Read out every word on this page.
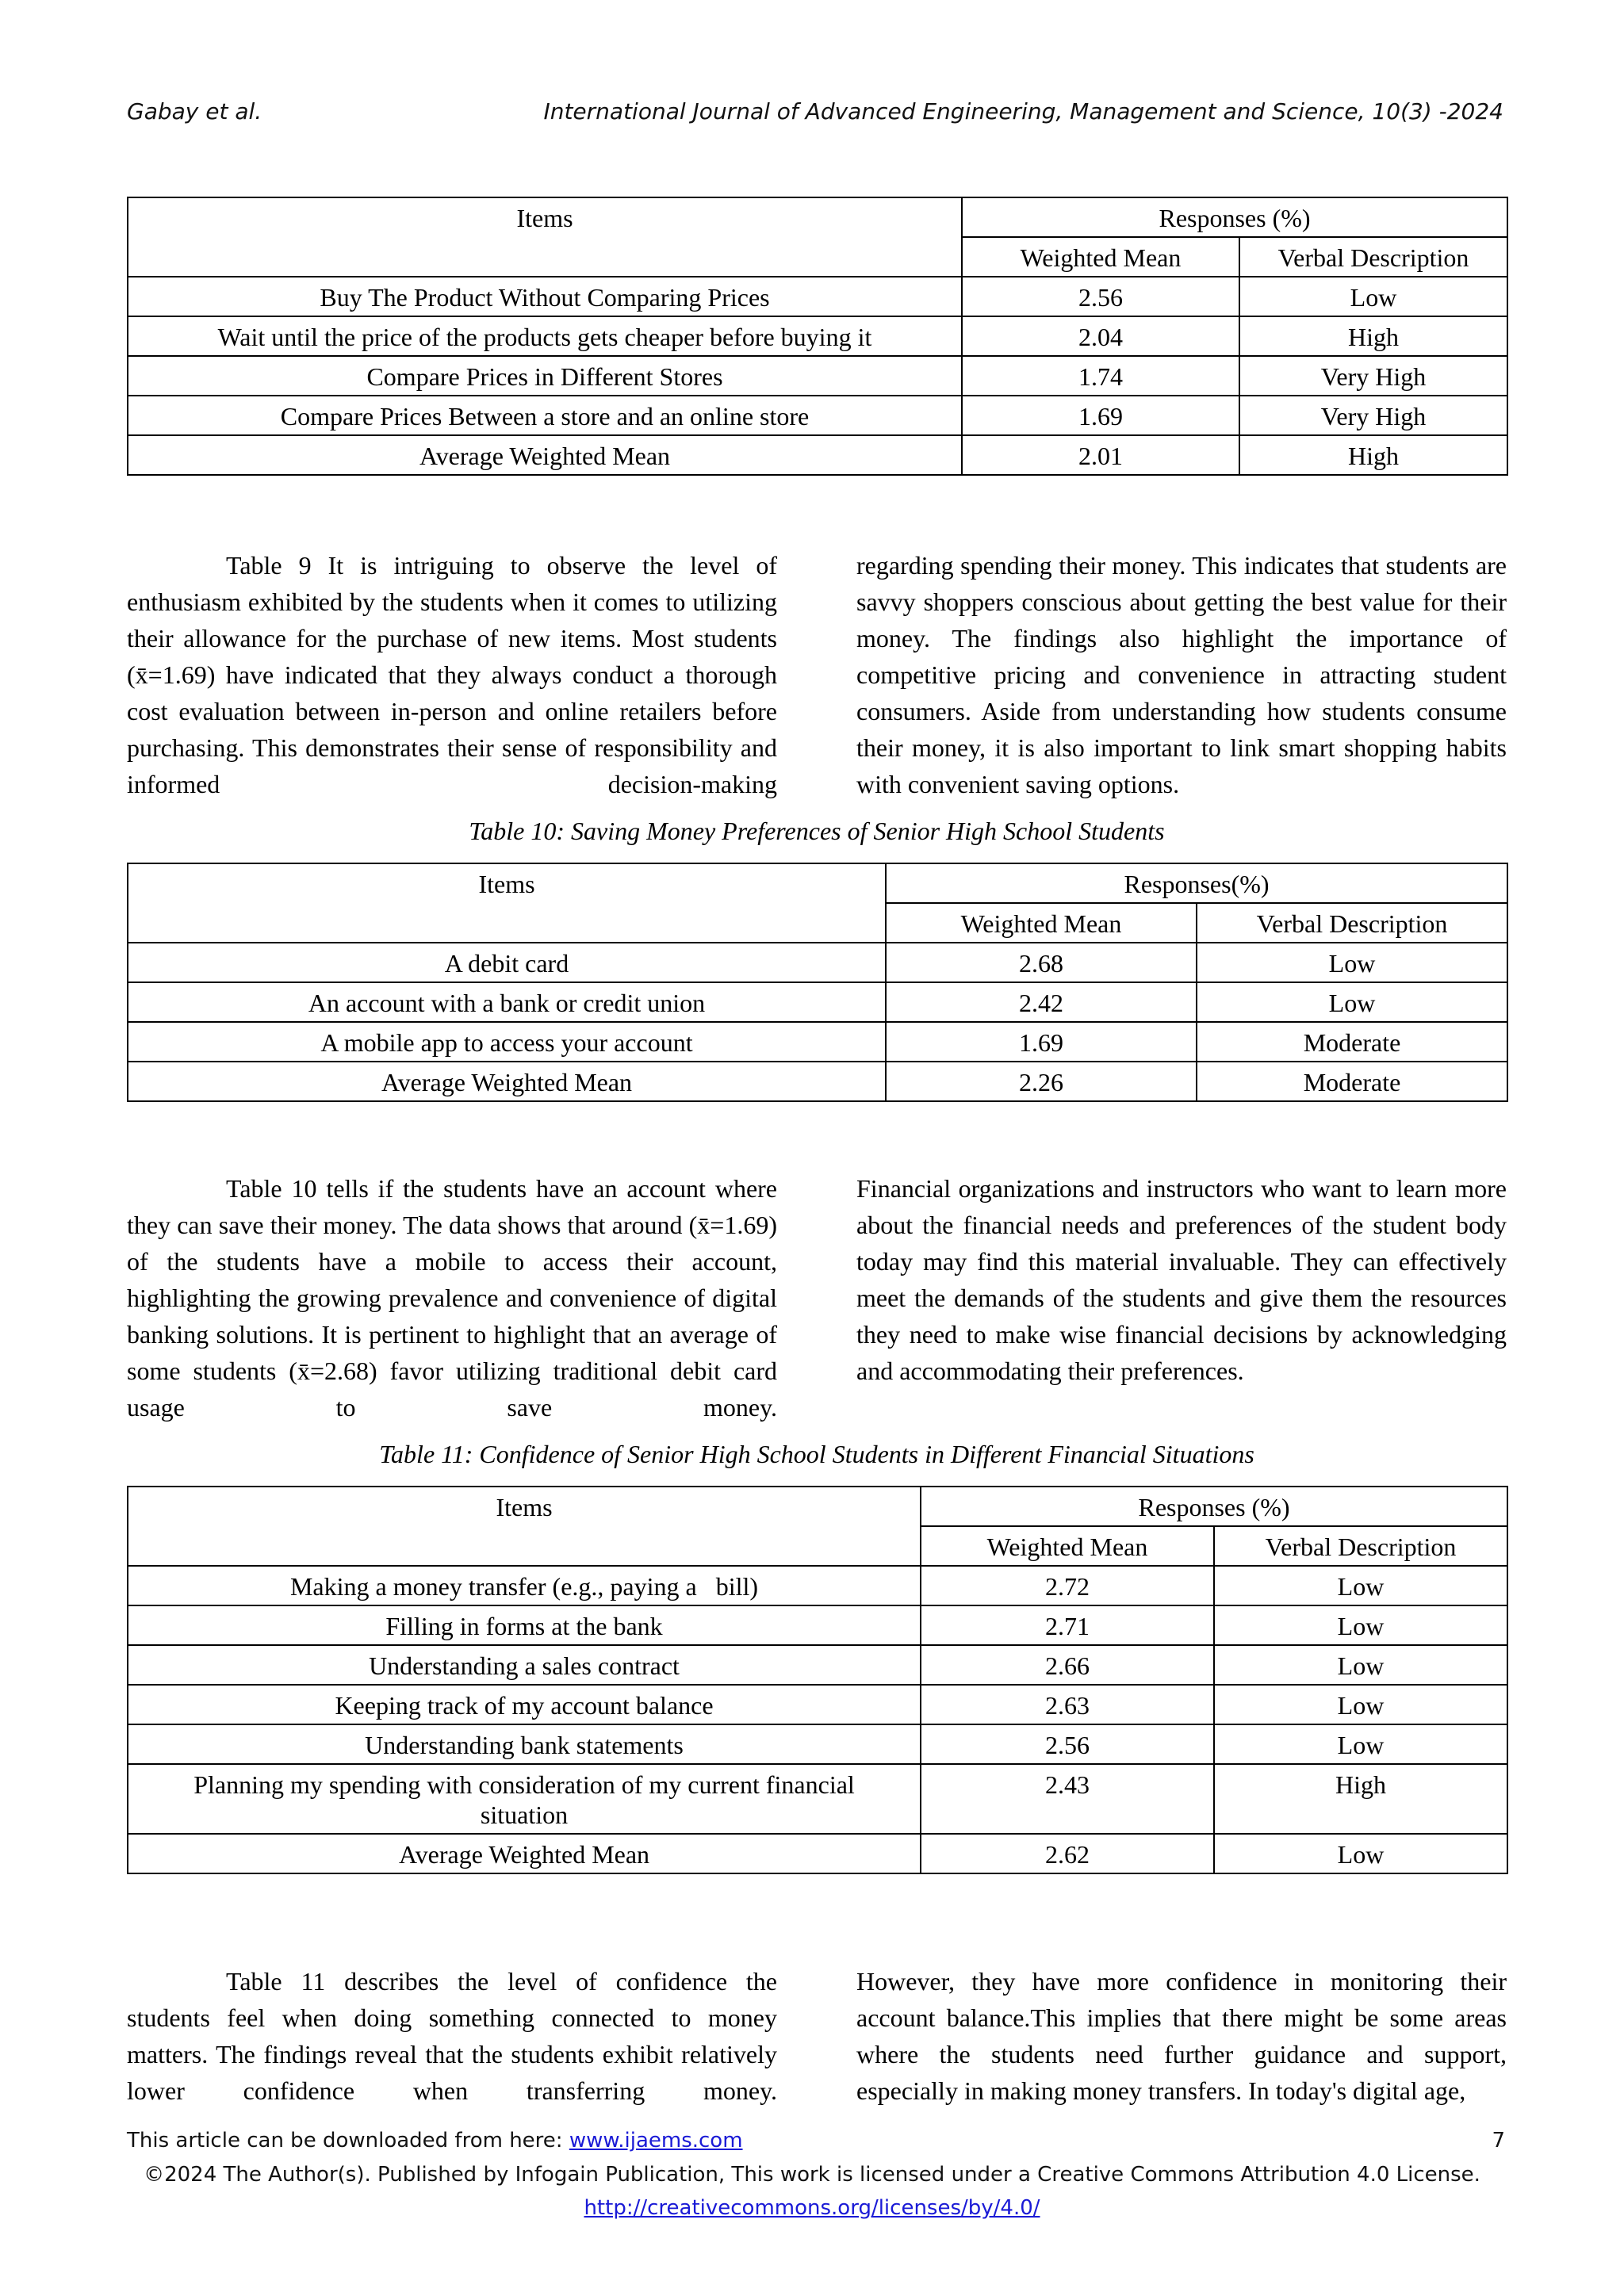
Gabay et al.	International Journal of Advanced Engineering, Management and Science, 10(3) -2024
Items	Responses (%)	
	Weighted Mean	Verbal Description
Buy The Product Without Comparing Prices	2.56	Low
Wait until the price of the products gets cheaper before buying it	2.04	High
Compare Prices in Different Stores	1.74	Very High
Compare Prices Between a store and an online store	1.69	Very High
Average Weighted Mean	2.01	High

Table 9 It is intriguing to observe the level of enthusiasm exhibited by the students when it comes to utilizing their allowance for the purchase of new items. Most students (x̄=1.69) have indicated that they always conduct a thorough cost evaluation between in-person and online retailers before purchasing. This demonstrates their sense of responsibility and informed decision-making

regarding spending their money. This indicates that students are savvy shoppers conscious about getting the best value for their money. The findings also highlight the importance of competitive pricing and convenience in attracting student consumers. Aside from understanding how students consume their money, it is also important to link smart shopping habits with convenient saving options.

Table 10: Saving Money Preferences of Senior High School Students
Items	Responses(%)	
	Weighted Mean	Verbal Description
A debit card	2.68	Low
An account with a bank or credit union	2.42	Low
A mobile app to access your account	1.69	Moderate
Average Weighted Mean	2.26	Moderate

Table 10 tells if the students have an account where they can save their money. The data shows that around (x̄=1.69) of the students have a mobile to access their account, highlighting the growing prevalence and convenience of digital banking solutions. It is pertinent to highlight that an average of some students (x̄=2.68) favor utilizing traditional debit card usage to save money.

Financial organizations and instructors who want to learn more about the financial needs and preferences of the student body today may find this material invaluable. They can effectively meet the demands of the students and give them the resources they need to make wise financial decisions by acknowledging and accommodating their preferences.

Table 11: Confidence of Senior High School Students in Different Financial Situations
Items	Responses (%)	
	Weighted Mean	Verbal Description
Making a money transfer (e.g., paying a   bill)	2.72	Low
Filling in forms at the bank	2.71	Low
Understanding a sales contract	2.66	Low
Keeping track of my account balance	2.63	Low
Understanding bank statements	2.56	Low
Planning my spending with consideration of my current financial situation	2.43	High
Average Weighted Mean	2.62	Low

Table 11 describes the level of confidence the students feel when doing something connected to money matters. The findings reveal that the students exhibit relatively lower confidence when transferring money.

However, they have more confidence in monitoring their account balance.This implies that there might be some areas where the students need further guidance and support, especially in making money transfers. In today's digital age,

This article can be downloaded from here: www.ijaems.com	7
©2024 The Author(s). Published by Infogain Publication, This work is licensed under a Creative Commons Attribution 4.0 License.
http://creativecommons.org/licenses/by/4.0/
